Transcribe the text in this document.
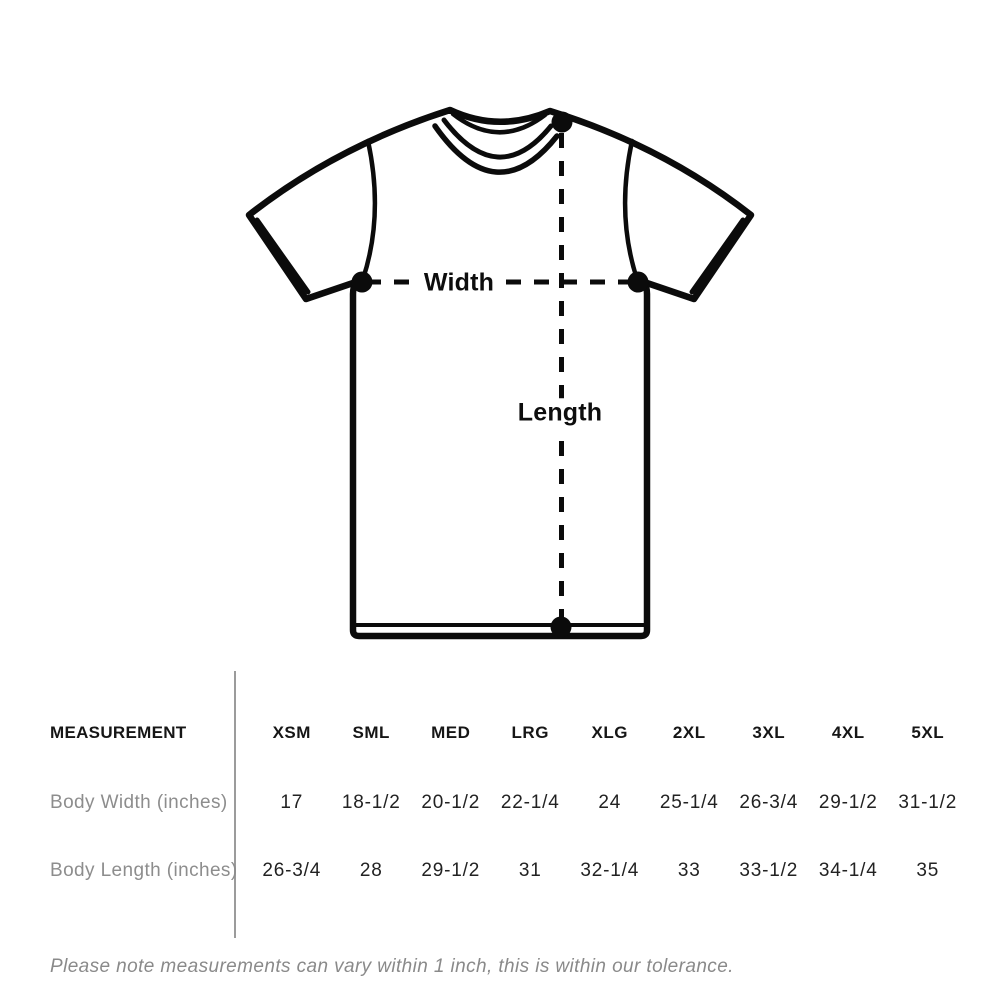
Width
Length
MEASUREMENT	XSM	SML	MED	LRG	XLG	2XL	3XL	4XL	5XL
Body Width (inches)	17	18-1/2	20-1/2	22-1/4	24	25-1/4	26-3/4	29-1/2	31-1/2
Body Length (inches)	26-3/4	28	29-1/2	31	32-1/4	33	33-1/2	34-1/4	35
Please note measurements can vary within 1 inch, this is within our tolerance.
